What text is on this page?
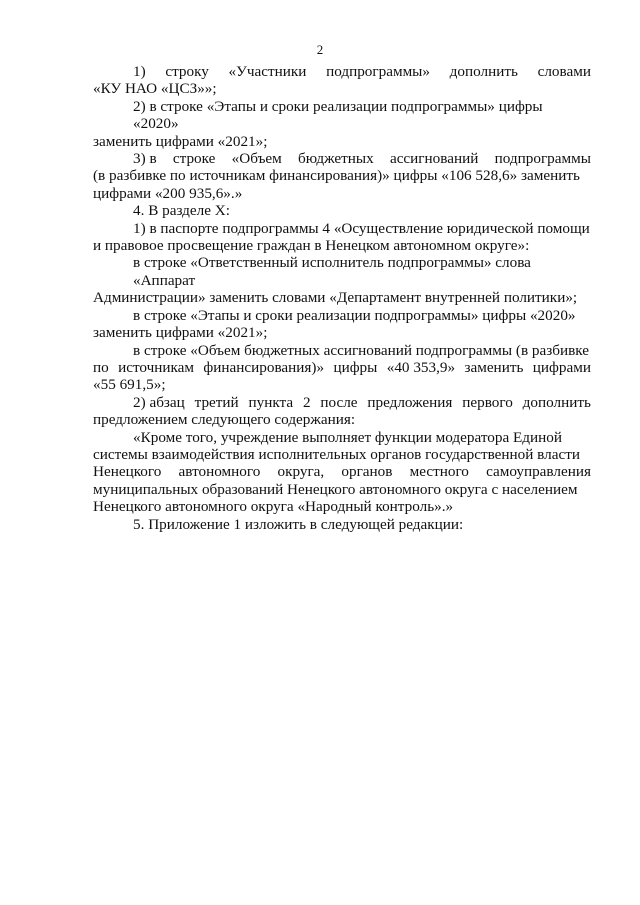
2
1) строку «Участники подпрограммы» дополнить словами
«КУ НАО «ЦСЗ»»;
2) в строке «Этапы и сроки реализации подпрограммы» цифры «2020»
заменить цифрами «2021»;
3) в строке «Объем бюджетных ассигнований подпрограммы
(в разбивке по источникам финансирования)» цифры «106 528,6» заменить
цифрами «200 935,6».»
4. В разделе X:
1) в паспорте подпрограммы 4 «Осуществление юридической помощи
и правовое просвещение граждан в Ненецком автономном округе»:
в строке «Ответственный исполнитель подпрограммы» слова «Аппарат
Администрации» заменить словами «Департамент внутренней политики»;
в строке «Этапы и сроки реализации подпрограммы» цифры «2020»
заменить цифрами «2021»;
в строке «Объем бюджетных ассигнований подпрограммы (в разбивке
по источникам финансирования)» цифры «40 353,9» заменить цифрами
«55 691,5»;
2) абзац третий пункта 2 после предложения первого дополнить
предложением следующего содержания:
«Кроме того, учреждение выполняет функции модератора Единой
системы взаимодействия исполнительных органов государственной власти
Ненецкого автономного округа, органов местного самоуправления
муниципальных образований Ненецкого автономного округа с населением
Ненецкого автономного округа «Народный контроль».»
5. Приложение 1 изложить в следующей редакции:
